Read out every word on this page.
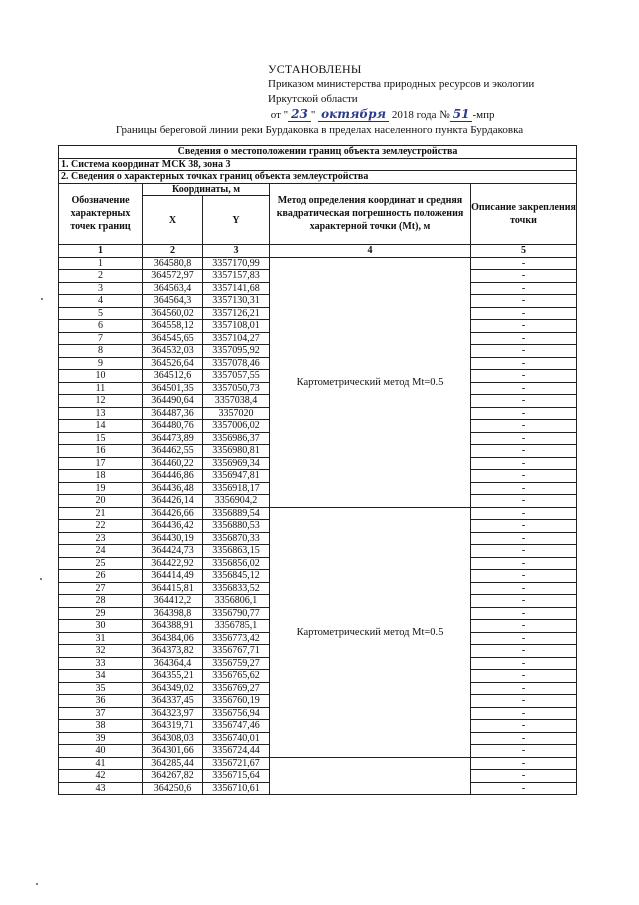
УСТАНОВЛЕНЫ
Приказом министерства природных ресурсов и экологии
Иркутской области
от " 23 " октября 2018 года № 51 -мпр
Границы береговой линии реки Бурдаковка в пределах населенного пункта Бурдаковка
Сведения о местоположении границ объекта землеустройства				
1. Система координат МСК 38, зона 3				
2. Сведения о характерных точках границ объекта землеустройства				
Обозначение характерных точек границ	Координаты, м		Метод определения координат и средняя квадратическая погрешность положения характерной точки (Mt), м	Описание закрепления точки
	X	Y		
1	2	3	4	5
1	364580,8	3357170,99	Картометрический метод Mt=0.5	-
2	364572,97	3357157,83		-
3	364563,4	3357141,68		-
4	364564,3	3357130,31		-
5	364560,02	3357126,21		-
6	364558,12	3357108,01		-
7	364545,65	3357104,27		-
8	364532,03	3357095,92		-
9	364526,64	3357078,46		-
10	364512,6	3357057,55		-
11	364501,35	3357050,73		-
12	364490,64	3357038,4		-
13	364487,36	3357020		-
14	364480,76	3357006,02		-
15	364473,89	3356986,37		-
16	364462,55	3356980,81		-
17	364460,22	3356969,34		-
18	364446,86	3356947,81		-
19	364436,48	3356918,17		-
20	364426,14	3356904,2		-
21	364426,66	3356889,54	Картометрический метод Mt=0.5	-
22	364436,42	3356880,53		-
23	364430,19	3356870,33		-
24	364424,73	3356863,15		-
25	364422,92	3356856,02		-
26	364414,49	3356845,12		-
27	364415,81	3356833,52		-
28	364412,2	3356806,1		-
29	364398,8	3356790,77		-
30	364388,91	3356785,1		-
31	364384,06	3356773,42		-
32	364373,82	3356767,71		-
33	364364,4	3356759,27		-
34	364355,21	3356765,62		-
35	364349,02	3356769,27		-
36	364337,45	3356760,19		-
37	364323,97	3356756,94		-
38	364319,71	3356747,46		-
39	364308,03	3356740,01		-
40	364301,66	3356724,44		-
41	364285,44	3356721,67		-
42	364267,82	3356715,64		-
43	364250,6	3356710,61		-
